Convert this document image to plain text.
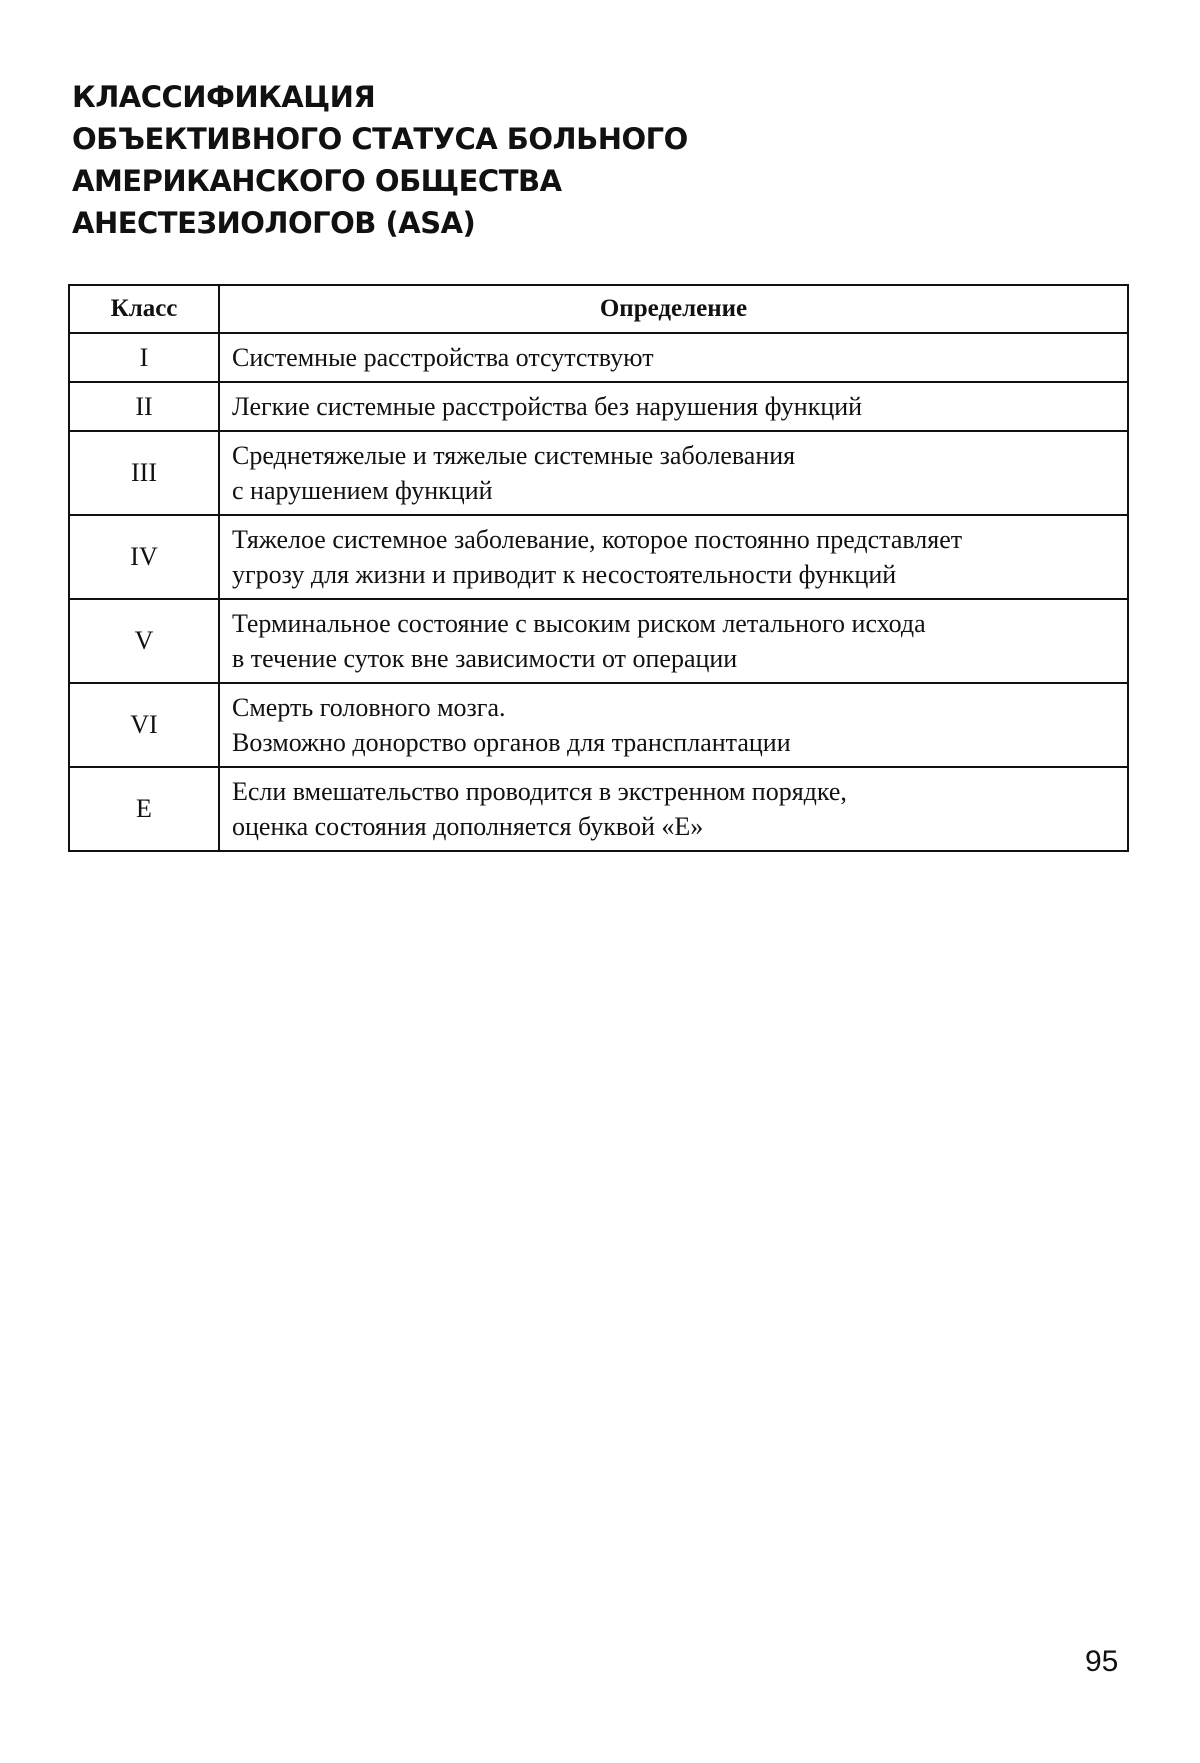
КЛАССИФИКАЦИЯ
ОБЪЕКТИВНОГО СТАТУСА БОЛЬНОГО
АМЕРИКАНСКОГО ОБЩЕСТВА
АНЕСТЕЗИОЛОГОВ (ASA)
Класс	Определение
I	Системные расстройства отсутствуют

II	Легкие системные расстройства без нарушения функций

III	Среднетяжелые и тяжелые системные заболевания
с нарушением функций

IV	Тяжелое системное заболевание, которое постоянно представляет
угрозу для жизни и приводит к несостоятельности функций

V	Терминальное состояние с высоким риском летального исхода
в течение суток вне зависимости от операции

VI	Смерть головного мозга.
Возможно донорство органов для трансплантации

E	Если вмешательство проводится в экстренном порядке,
оценка состояния дополняется буквой «Е»
95
